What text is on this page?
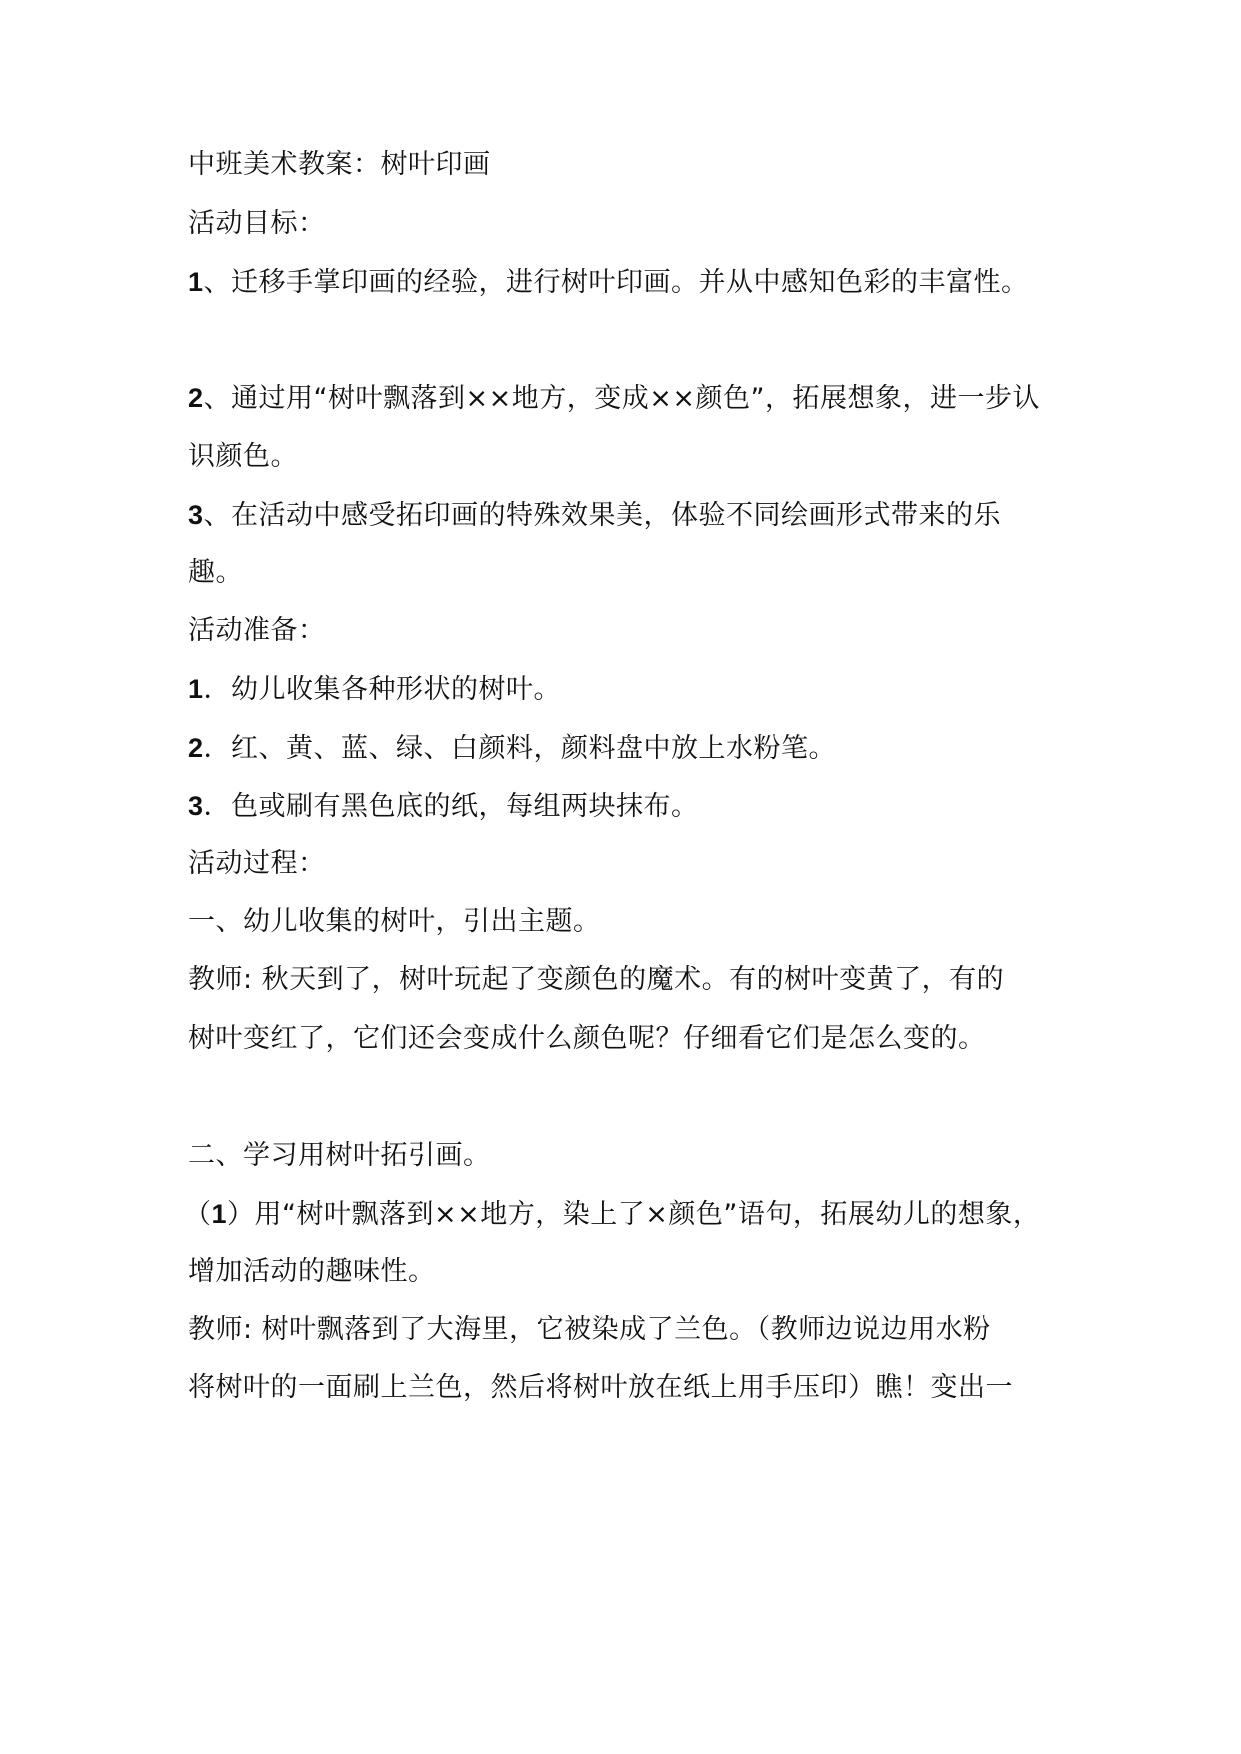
中班美术教案：树叶印画
活动目标：
1、迁移手掌印画的经验，进行树叶印画。并从中感知色彩的丰富性。
2、通过用“树叶飘落到××地方，变成××颜色”，拓展想象，进一步认
识颜色。
3、在活动中感受拓印画的特殊效果美，体验不同绘画形式带来的乐
趣。
活动准备：
1．幼儿收集各种形状的树叶。
2．红、黄、蓝、绿、白颜料，颜料盘中放上水粉笔。
3．色或刷有黑色底的纸，每组两块抹布。
活动过程：
一、幼儿收集的树叶，引出主题。
教师: 秋天到了，树叶玩起了变颜色的魔术。有的树叶变黄了，有的
树叶变红了，它们还会变成什么颜色呢？仔细看它们是怎么变的。
二、学习用树叶拓引画。
（1）用“树叶飘落到××地方，染上了×颜色”语句，拓展幼儿的想象，
增加活动的趣味性。
教师: 树叶飘落到了大海里，它被染成了兰色。（教师边说边用水粉
将树叶的一面刷上兰色，然后将树叶放在纸上用手压印）瞧！变出一
